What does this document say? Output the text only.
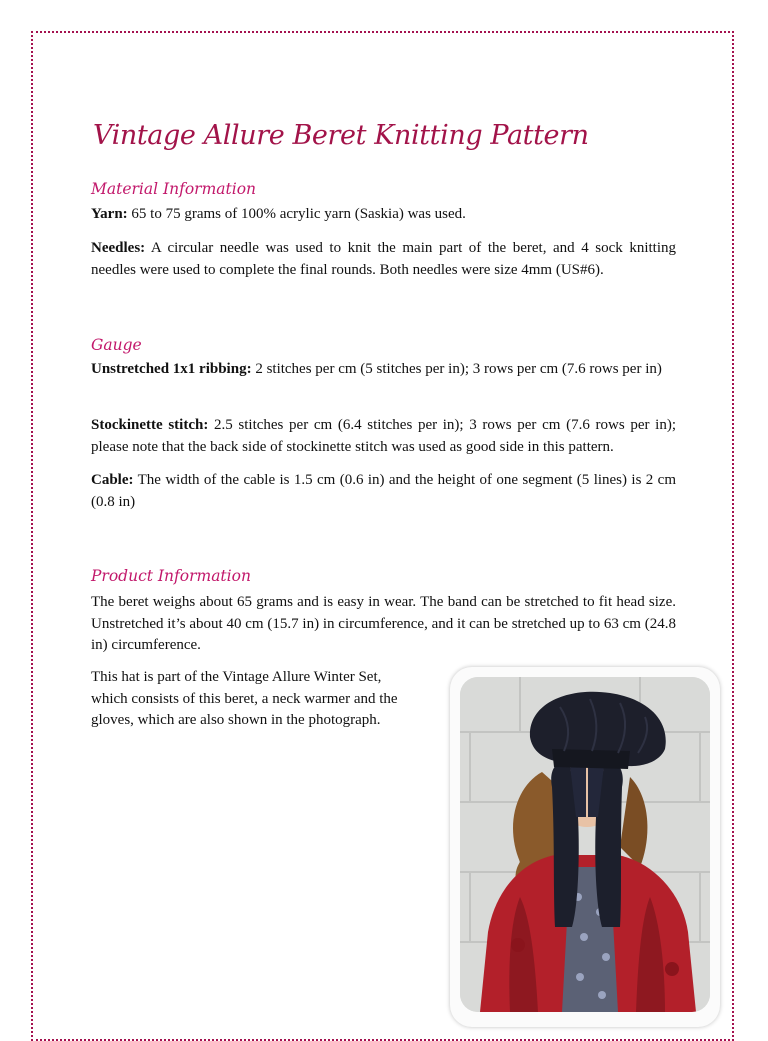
Vintage Allure Beret Knitting Pattern
Material Information

Yarn: 65 to 75 grams of 100% acrylic yarn (Saskia) was used.

Needles: A circular needle was used to knit the main part of the beret, and 4 sock knitting needles were used to complete the final rounds. Both needles were size 4mm (US#6).

Gauge

Unstretched 1x1 ribbing: 2 stitches per cm (5 stitches per in); 3 rows per cm (7.6 rows per in)

Stockinette stitch: 2.5 stitches per cm (6.4 stitches per in); 3 rows per cm (7.6 rows per in); please note that the back side of stockinette stitch was used as good side in this pattern.

Cable: The width of the cable is 1.5 cm (0.6 in) and the height of one segment (5 lines) is 2 cm (0.8 in)

Product Information

The beret weighs about 65 grams and is easy in wear. The band can be stretched to fit head size. Unstretched it’s about 40 cm (15.7 in) in circumference, and it can be stretched up to 63 cm (24.8 in) circumference.

This hat is part of the Vintage Allure Winter Set, which consists of this beret, a neck warmer and the gloves, which are also shown in the photograph.
